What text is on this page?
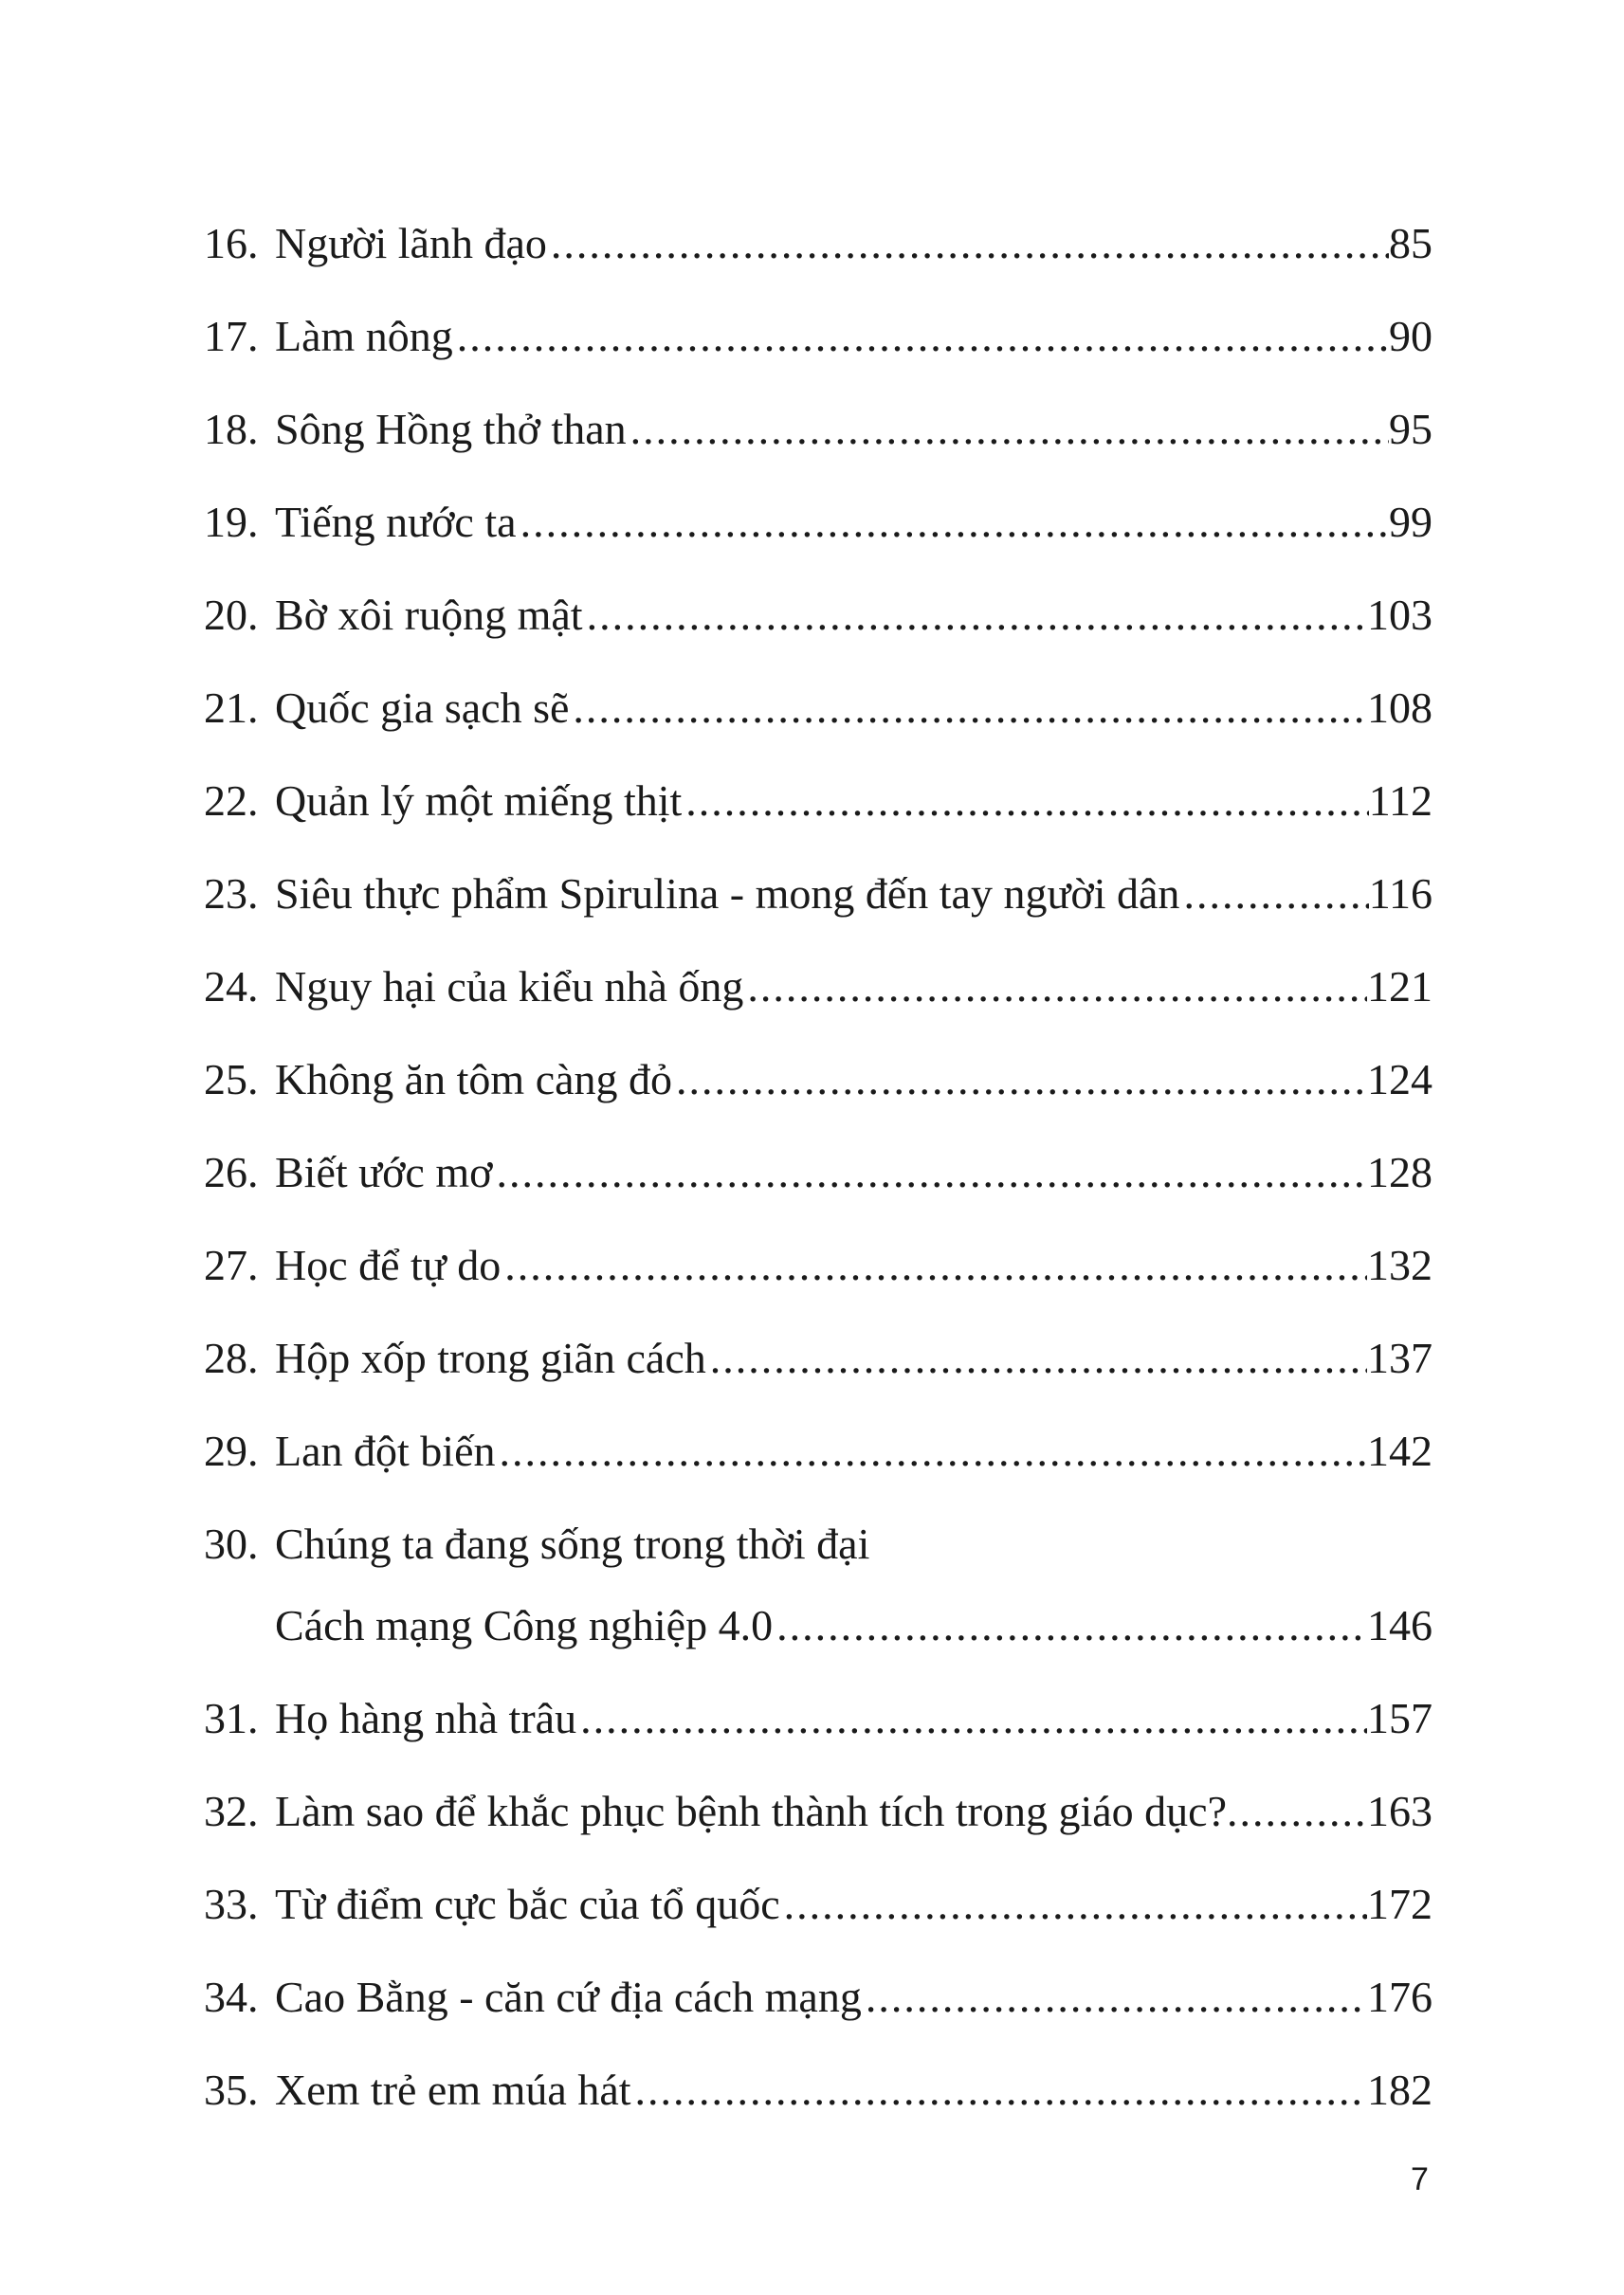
16. Người lãnh đạo .....	85
17. Làm nông .....	90
18. Sông Hồng thở than .....	95
19. Tiếng nước ta .....	99
20. Bờ xôi ruộng mật .....	103
21. Quốc gia sạch sẽ .....	108
22. Quản lý một miếng thịt .....	112
23. Siêu thực phẩm Spirulina - mong đến tay người dân .....	116
24. Nguy hại của kiểu nhà ống .....	121
25. Không ăn tôm càng đỏ .....	124
26. Biết ước mơ .....	128
27. Học để tự do .....	132
28. Hộp xốp trong giãn cách .....	137
29. Lan đột biến .....	142
30. Chúng ta đang sống trong thời đại
Cách mạng Công nghiệp 4.0 .....	146
31. Họ hàng nhà trâu .....	157
32. Làm sao để khắc phục bệnh thành tích trong giáo dục? .....	163
33. Từ điểm cực bắc của tổ quốc .....	172
34. Cao Bằng - căn cứ địa cách mạng .....	176
35. Xem trẻ em múa hát .....	182
7
